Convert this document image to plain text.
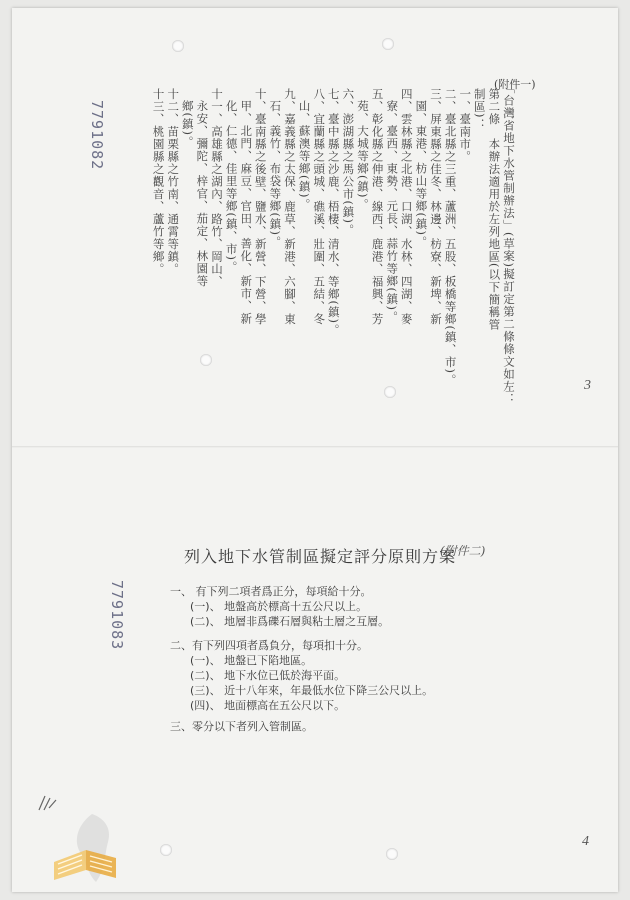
(附件一)
7791082
3
「台灣省地下水管制辦法」(草案)擬訂定第二條條文如左：
第二條　本辦法適用於左列地區(以下簡稱管
制區)：
一、臺南市。
二、臺北縣之三重、蘆洲、五股、板橋等鄉(鎮、市)。
三、屏東縣之佳冬、林邊、枋寮、新埤、新
園、東港、枋山等鄉(鎮)。
四、雲林縣之北港、口湖、水林、四湖、麥
寮、臺西、東勢、元長、蒜竹等鄉(鎮)。
五、彰化縣之伸港、線西、鹿港、福興、芳
苑、大城等鄉(鎮)。
六、澎湖縣之馬公市(鎮)。
七、臺中縣之沙鹿、梧棲、清水、等鄉(鎮)。
八、宜蘭縣之頭城、礁溪、壯圍、五結、冬
山、蘇澳等鄉(鎮)。
九、嘉義縣之太保、鹿草、新港、六腳、東
石、義竹、布袋等鄉(鎮)。
十、臺南縣之後壁、鹽水、新營、下營、學
甲、北門、麻豆、官田、善化、新市、新
化、仁德、佳里等鄉(鎮、市)。
十一、高雄縣之湖內、路竹、岡山、
永安、彌陀、梓官、茄定、林園等
鄉(鎮)。
十二、苗栗縣之竹南、通霄等鎮。
十三、桃園縣之觀音、蘆竹等鄉。
列入地下水管制區擬定評分原則方案
(附件二)
7791083
4
一、 有下列二項者爲正分，每項給十分。
(一)、 地盤高於標高十五公尺以上。
(二)、 地層非爲礫石層與粘土層之互層。
二、有下列四項者爲負分，每項扣十分。
(一)、 地盤已下陷地區。
(二)、 地下水位已低於海平面。
(三)、 近十八年來，年最低水位下降三公尺以上。
(四)、 地面標高在五公尺以下。
三、零分以下者列入管制區。
